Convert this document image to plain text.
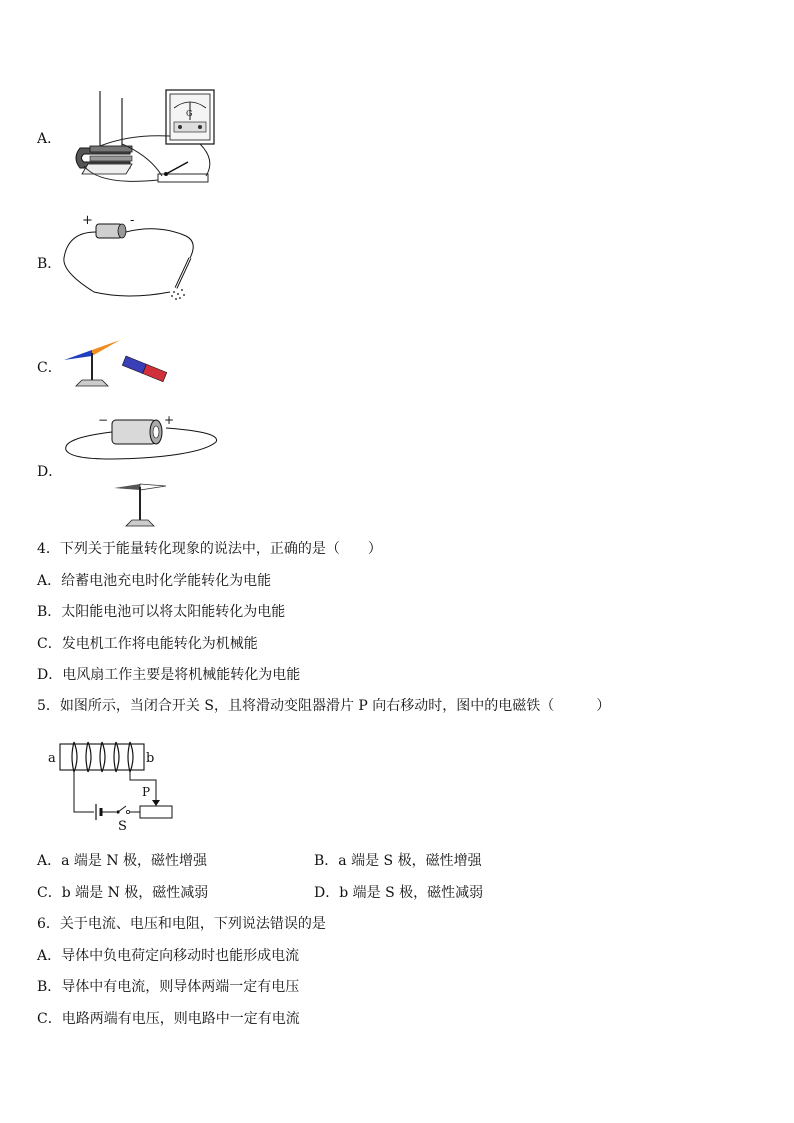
A．
G
B．
+	-
C．
D．
−	+
4．下列关于能量转化现象的说法中，正确的是（　　）
A．给蓄电池充电时化学能转化为电能
B．太阳能电池可以将太阳能转化为电能
C．发电机工作将电能转化为机械能
D．电风扇工作主要是将机械能转化为电能
5．如图所示，当闭合开关 S，且将滑动变阻器滑片 P 向右移动时，图中的电磁铁（　　　）
a	b
S
P
A．a 端是 N 极，磁性增强	B．a 端是 S 极，磁性增强
C．b 端是 N 极，磁性减弱	D．b 端是 S 极，磁性减弱
6．关于电流、电压和电阻，下列说法错误的是
A．导体中负电荷定向移动时也能形成电流
B．导体中有电流，则导体两端一定有电压
C．电路两端有电压，则电路中一定有电流
